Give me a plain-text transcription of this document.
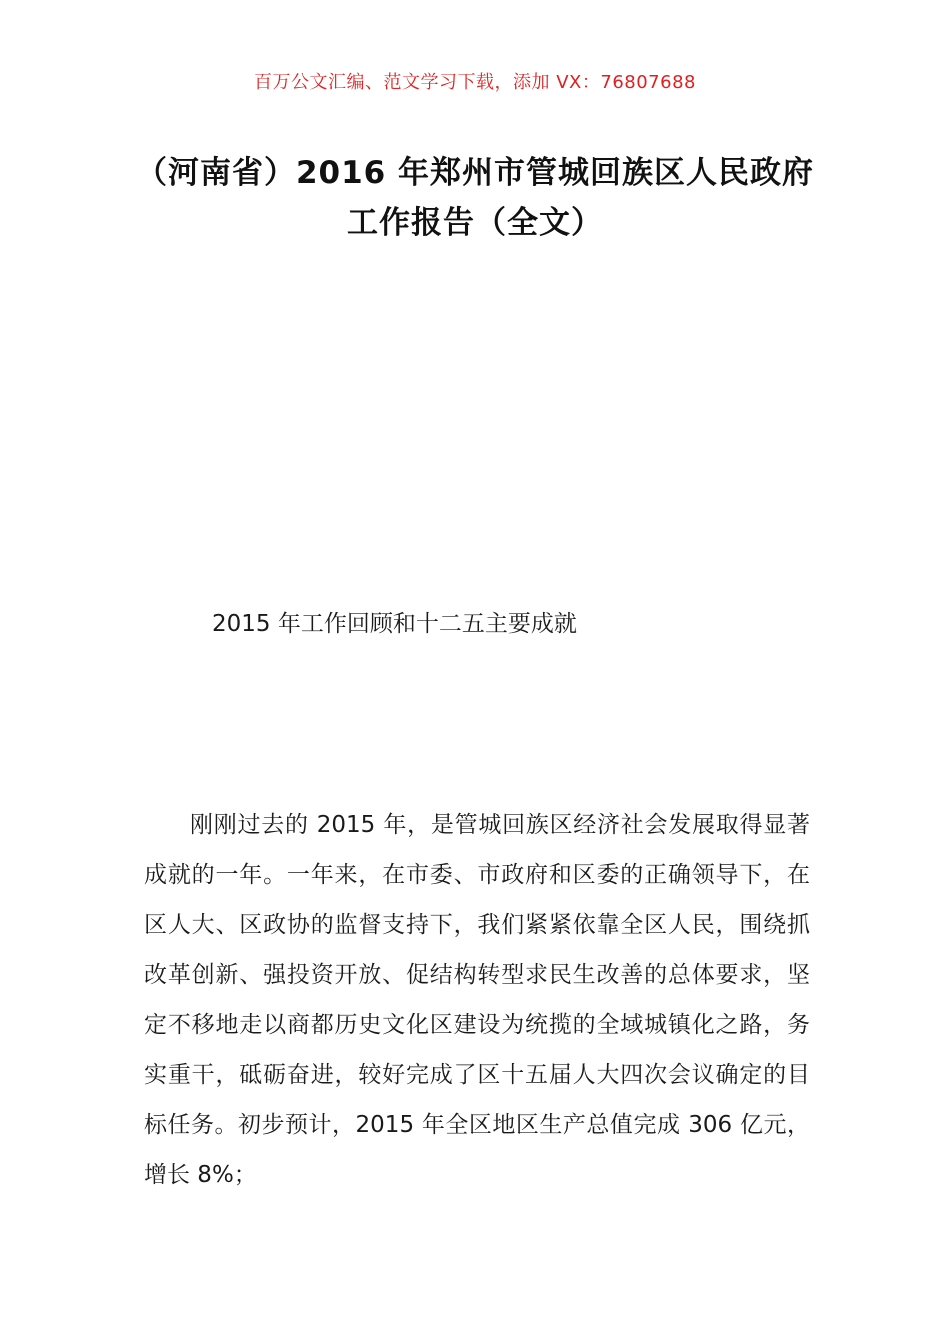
百万公文汇编、范文学习下载，添加 VX：76807688
（河南省）2016 年郑州市管城回族区人民政府工作报告（全文）
2015 年工作回顾和十二五主要成就

刚刚过去的 2015 年，是管城回族区经济社会发展取得显著成就的一年。一年来，在市委、市政府和区委的正确领导下，在区人大、区政协的监督支持下，我们紧紧依靠全区人民，围绕抓改革创新、强投资开放、促结构转型求民生改善的总体要求，坚定不移地走以商都历史文化区建设为统揽的全域城镇化之路，务实重干，砥砺奋进，较好完成了区十五届人大四次会议确定的目标任务。初步预计，2015 年全区地区生产总值完成 306 亿元，增长 8%；
